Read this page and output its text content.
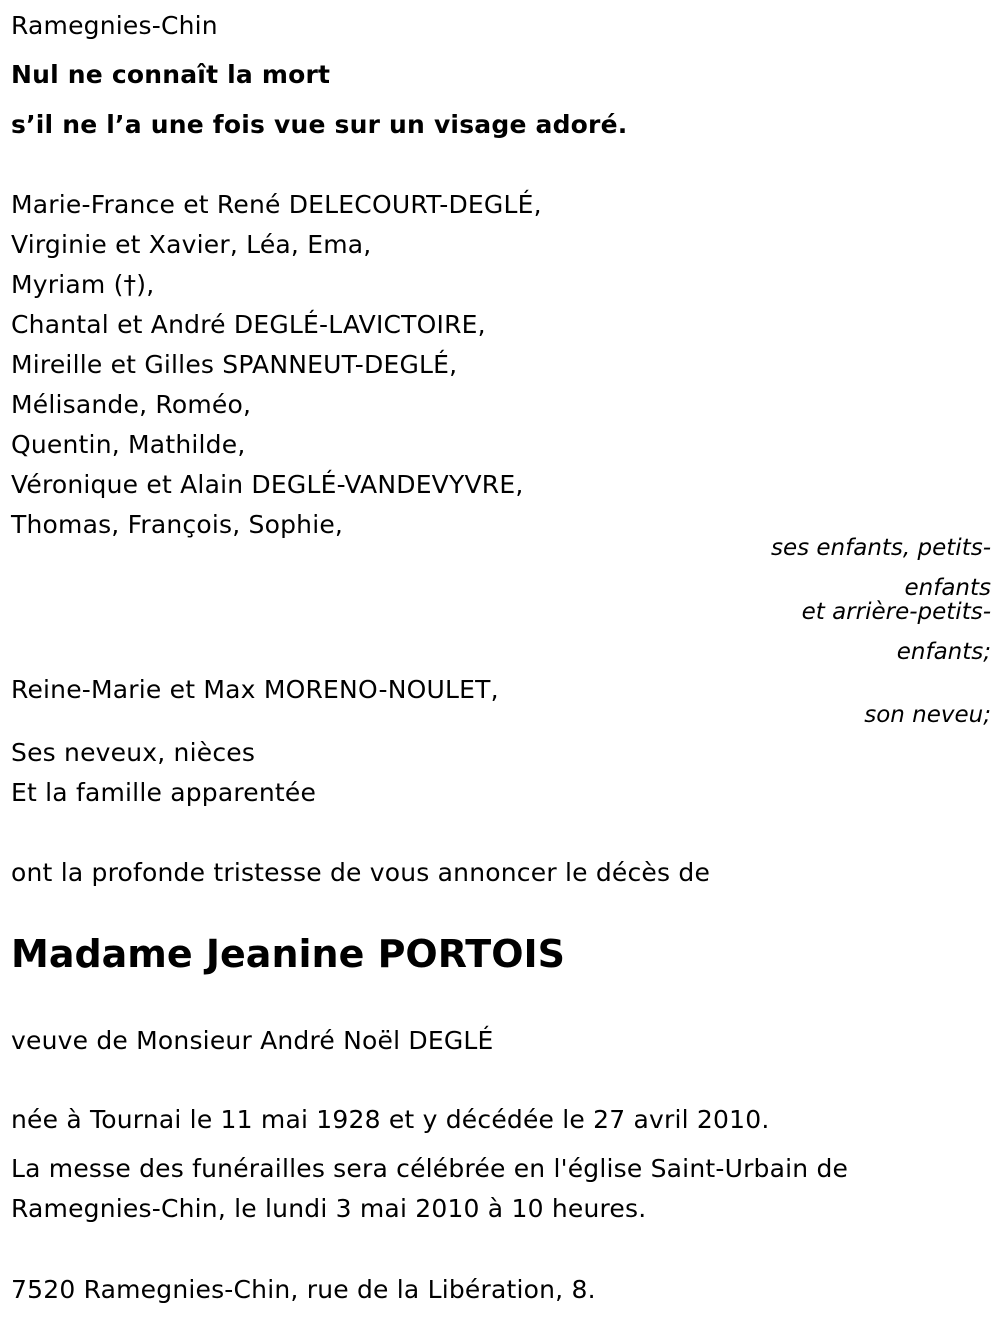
Ramegnies-Chin
Nul ne connaît la mort
s’il ne l’a une fois vue sur un visage adoré.
Marie-France et René DELECOURT-DEGLÉ,
Virginie et Xavier, Léa, Ema,
Myriam (†),
Chantal et André DEGLÉ-LAVICTOIRE,
Mireille et Gilles SPANNEUT-DEGLÉ,
Mélisande, Roméo,
Quentin, Mathilde,
Véronique et Alain DEGLÉ-VANDEVYVRE,
Thomas, François, Sophie,
ses enfants, petits-
enfants
et arrière-petits-
enfants;
Reine-Marie et Max MORENO-NOULET,
son neveu;
Ses neveux, nièces
Et la famille apparentée
ont la profonde tristesse de vous annoncer le décès de
Madame Jeanine PORTOIS
veuve de Monsieur André Noël DEGLÉ
née à Tournai le 11 mai 1928 et y décédée le 27 avril 2010.
La messe des funérailles sera célébrée en l'église Saint-Urbain de
Ramegnies-Chin, le lundi 3 mai 2010 à 10 heures.
7520 Ramegnies-Chin, rue de la Libération, 8.
